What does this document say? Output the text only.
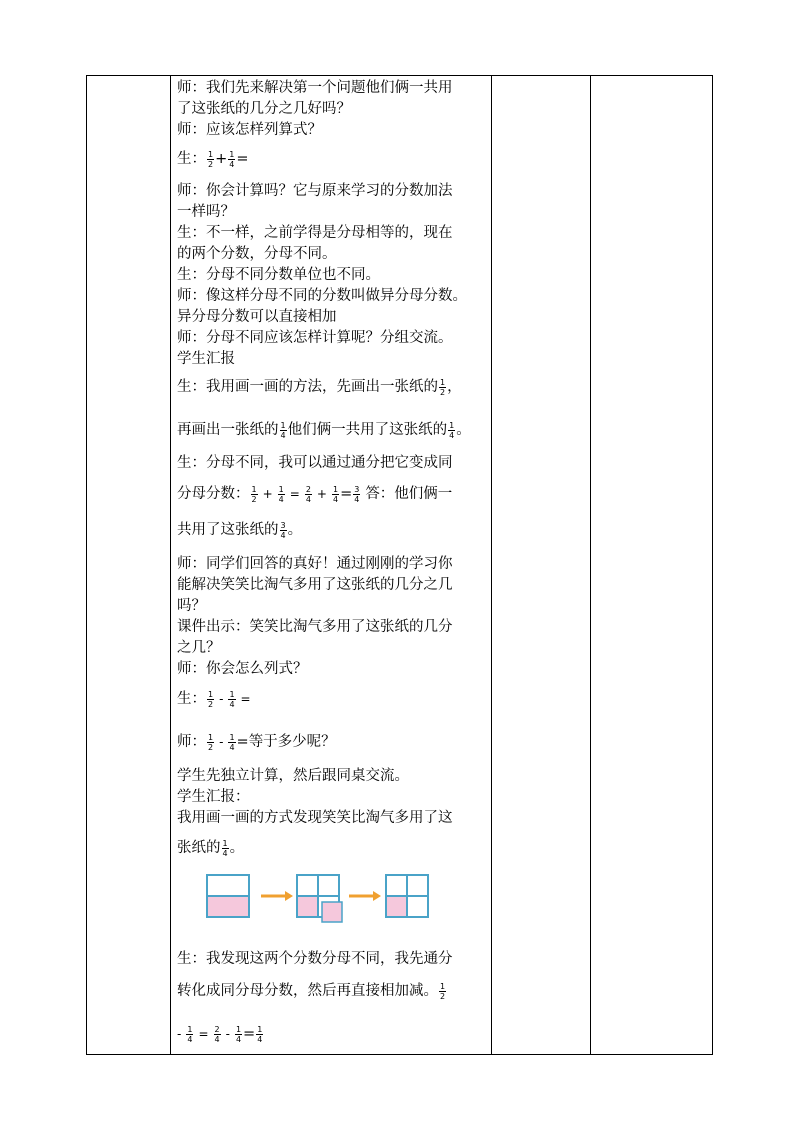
师：我们先来解决第一个问题他们俩一共用
了这张纸的几分之几好吗？
师：应该怎样列算式？
生： $\frac{1}{2} + \frac{1}{4}$ =
师：你会计算吗？它与原来学习的分数加法
一样吗？
生：不一样，之前学得是分母相等的，现在
的两个分数，分母不同。
生：分母不同分数单位也不同。
师：像这样分母不同的分数叫做异分母分数。
异分母分数可以直接相加
师：分母不同应该怎样计算呢？分组交流。
学生汇报
生：我用画一画的方法，先画出一张纸的 $\frac{1}{2}$ ，
再画出一张纸的 $\frac{1}{4}$ 他们俩一共用了这张纸的 $\frac{1}{4}$ 。
生：分母不同，我可以通过通分把它变成同
分母分数： $\frac{1}{2} + \frac{1}{4} = \frac{2}{4} + \frac{1}{4} = \frac{3}{4}$ 答：他们俩一
共用了这张纸的 $\frac{3}{4}$ 。
师：同学们回答的真好！通过刚刚的学习你
能解决笑笑比淘气多用了这张纸的几分之几
吗？
课件出示：笑笑比淘气多用了这张纸的几分
之几？
师：你会怎么列式？
生： $\frac{1}{2} - \frac{1}{4}$ =
师： $\frac{1}{2} - \frac{1}{4}$ =等于多少呢？
学生先独立计算，然后跟同桌交流。
学生汇报：
我用画一画的方式发现笑笑比淘气多用了这
张纸的 $\frac{1}{4}$ 。
生：我发现这两个分数分母不同，我先通分
转化成同分母分数，然后再直接相加减。 $\frac{1}{2}$
- $\frac{1}{4} = \frac{2}{4} - \frac{1}{4} = \frac{1}{4}$
